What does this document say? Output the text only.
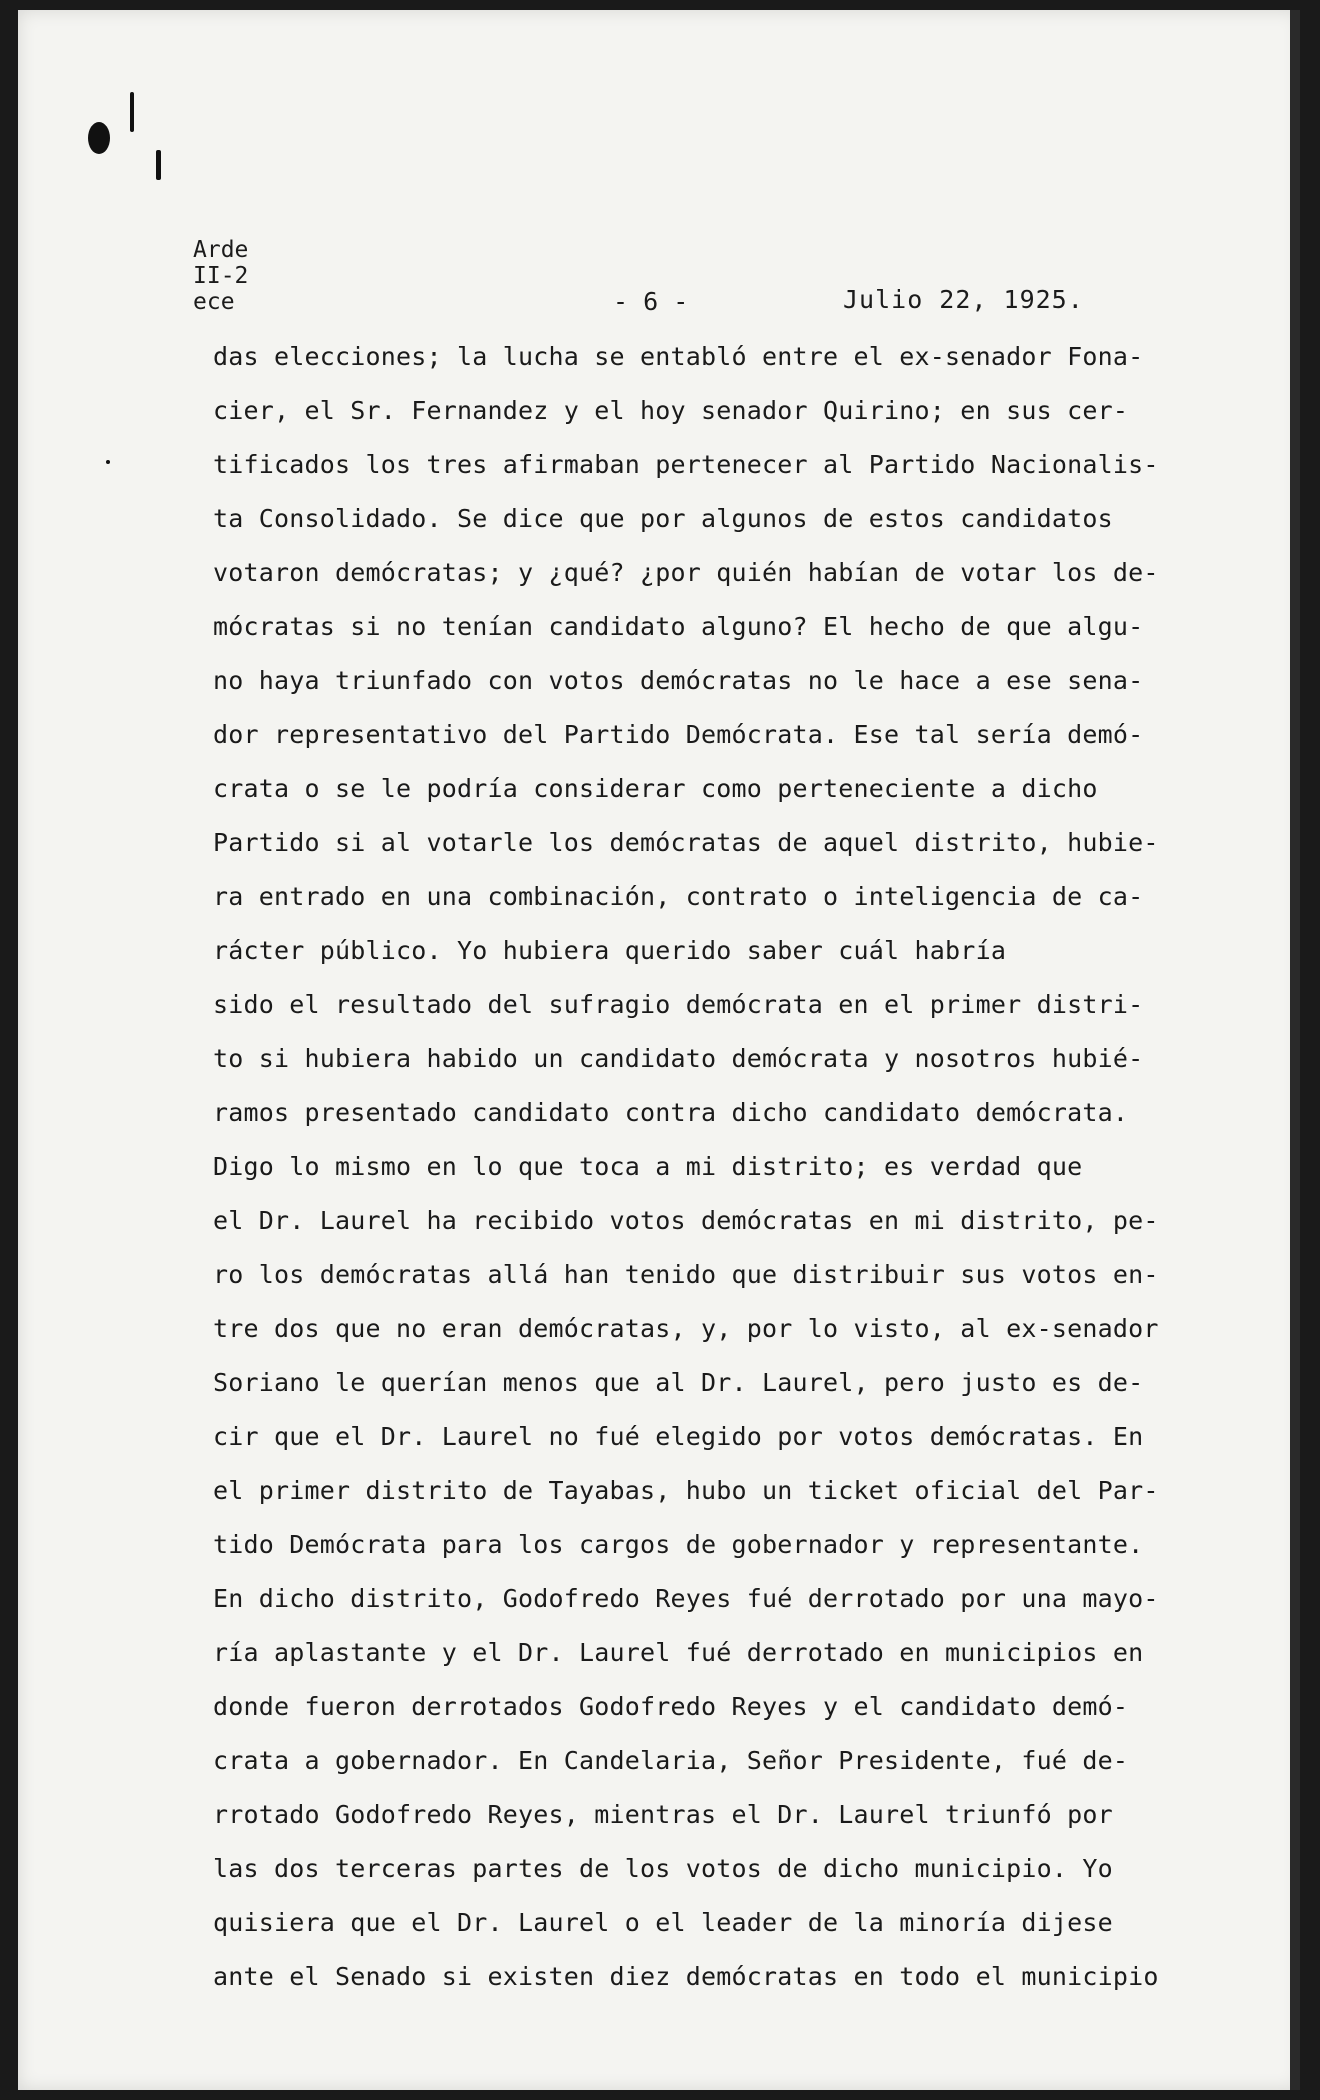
Arde
II-2
ece	- 6 -	Julio 22, 1925.
das elecciones; la lucha se entabló entre el ex-senador Fona-
cier, el Sr. Fernandez y el hoy senador Quirino; en sus cer-
tificados los tres afirmaban pertenecer al Partido Nacionalis-
ta Consolidado. Se dice que por algunos de estos candidatos
votaron demócratas; y ¿qué? ¿por quién habían de votar los de-
mócratas si no tenían candidato alguno? El hecho de que algu-
no haya triunfado con votos demócratas no le hace a ese sena-
dor representativo del Partido Demócrata. Ese tal sería demó-
crata o se le podría considerar como perteneciente a dicho
Partido si al votarle los demócratas de aquel distrito, hubie-
ra entrado en una combinación, contrato o inteligencia de ca-
rácter público. Yo hubiera querido saber cuál habría
sido el resultado del sufragio demócrata en el primer distri-
to si hubiera habido un candidato demócrata y nosotros hubié-
ramos presentado candidato contra dicho candidato demócrata.
Digo lo mismo en lo que toca a mi distrito; es verdad que
el Dr. Laurel ha recibido votos demócratas en mi distrito, pe-
ro los demócratas allá han tenido que distribuir sus votos en-
tre dos que no eran demócratas, y, por lo visto, al ex-senador
Soriano le querían menos que al Dr. Laurel, pero justo es de-
cir que el Dr. Laurel no fué elegido por votos demócratas. En
el primer distrito de Tayabas, hubo un ticket oficial del Par-
tido Demócrata para los cargos de gobernador y representante.
En dicho distrito, Godofredo Reyes fué derrotado por una mayo-
ría aplastante y el Dr. Laurel fué derrotado en municipios en
donde fueron derrotados Godofredo Reyes y el candidato demó-
crata a gobernador. En Candelaria, Señor Presidente, fué de-
rrotado Godofredo Reyes, mientras el Dr. Laurel triunfó por
las dos terceras partes de los votos de dicho municipio. Yo
quisiera que el Dr. Laurel o el leader de la minoría dijese
ante el Senado si existen diez demócratas en todo el municipio
